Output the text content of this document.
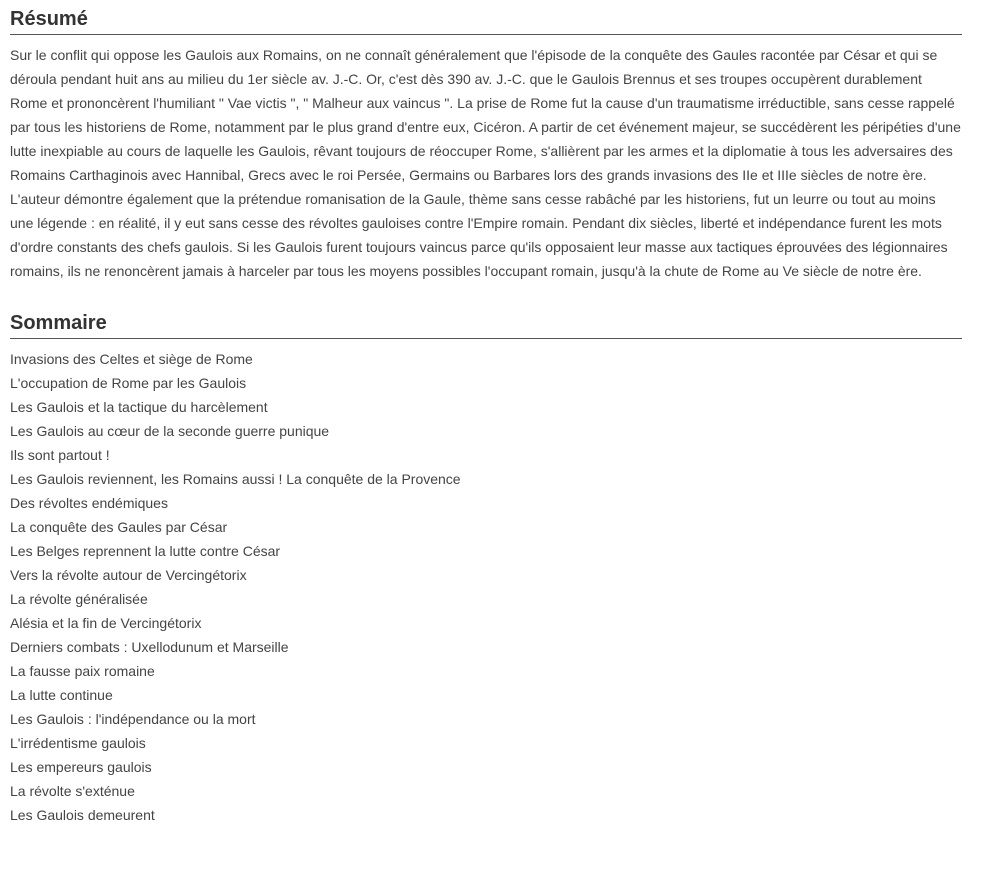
Résumé

Sur le conflit qui oppose les Gaulois aux Romains, on ne connaît généralement que l'épisode de la conquête des Gaules racontée par César et qui se déroula pendant huit ans au milieu du 1er siècle av. J.-C. Or, c'est dès 390 av. J.-C. que le Gaulois Brennus et ses troupes occupèrent durablement Rome et prononcèrent l'humiliant " Vae victis ", " Malheur aux vaincus ". La prise de Rome fut la cause d'un traumatisme irréductible, sans cesse rappelé par tous les historiens de Rome, notamment par le plus grand d'entre eux, Cicéron. A partir de cet événement majeur, se succédèrent les péripéties d'une lutte inexpiable au cours de laquelle les Gaulois, rêvant toujours de réoccuper Rome, s'allièrent par les armes et la diplomatie à tous les adversaires des Romains Carthaginois avec Hannibal, Grecs avec le roi Persée, Germains ou Barbares lors des grands invasions des IIe et IIIe siècles de notre ère. L'auteur démontre également que la prétendue romanisation de la Gaule, thème sans cesse rabâché par les historiens, fut un leurre ou tout au moins une légende : en réalité, il y eut sans cesse des révoltes gauloises contre l'Empire romain. Pendant dix siècles, liberté et indépendance furent les mots d'ordre constants des chefs gaulois. Si les Gaulois furent toujours vaincus parce qu'ils opposaient leur masse aux tactiques éprouvées des légionnaires romains, ils ne renoncèrent jamais à harceler par tous les moyens possibles l'occupant romain, jusqu'à la chute de Rome au Ve siècle de notre ère.

Sommaire
Invasions des Celtes et siège de Rome
L'occupation de Rome par les Gaulois
Les Gaulois et la tactique du harcèlement
Les Gaulois au cœur de la seconde guerre punique
Ils sont partout !
Les Gaulois reviennent, les Romains aussi ! La conquête de la Provence
Des révoltes endémiques
La conquête des Gaules par César
Les Belges reprennent la lutte contre César
Vers la révolte autour de Vercingétorix
La révolte généralisée
Alésia et la fin de Vercingétorix
Derniers combats : Uxellodunum et Marseille
La fausse paix romaine
La lutte continue
Les Gaulois : l'indépendance ou la mort
L'irrédentisme gaulois
Les empereurs gaulois
La révolte s'exténue
Les Gaulois demeurent
